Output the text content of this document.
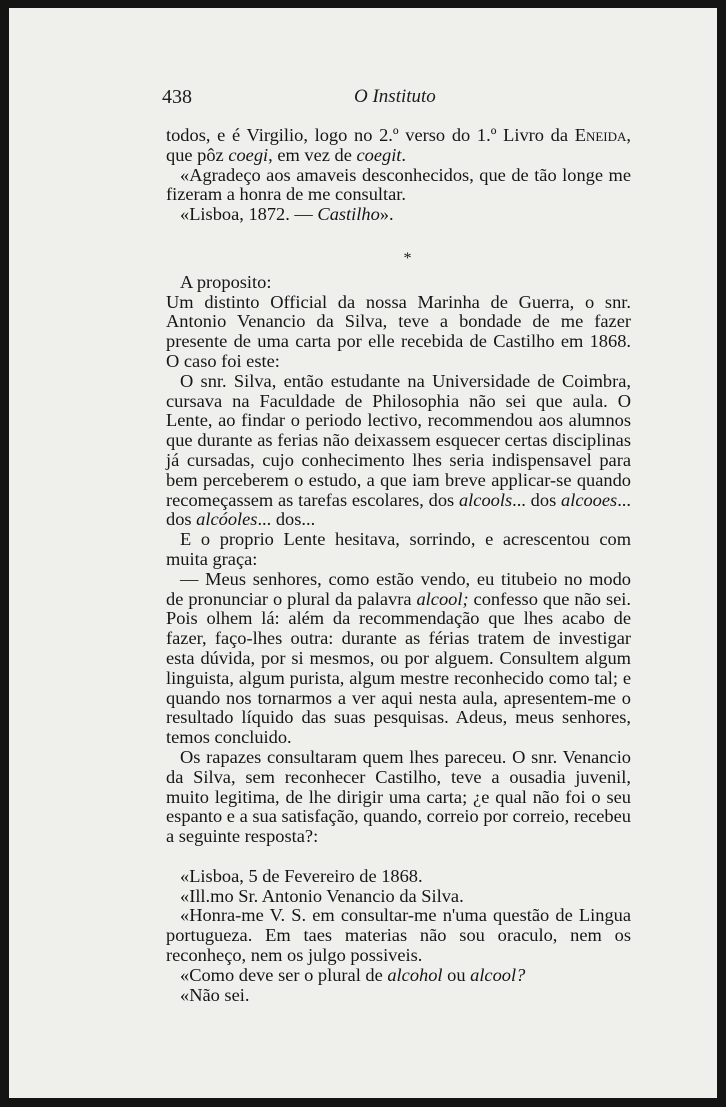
438	O Instituto

todos, e é Virgilio, logo no 2.º verso do 1.º Livro da Eneida, que pôz coegi, em vez de coegit.

«Agradeço aos amaveis desconhecidos, que de tão longe me fizeram a honra de me consultar.

«Lisboa, 1872. — Castilho».

*

A proposito:

Um distinto Official da nossa Marinha de Guerra, o snr. Antonio Venancio da Silva, teve a bondade de me fazer presente de uma carta por elle recebida de Castilho em 1868. O caso foi este:

O snr. Silva, então estudante na Universidade de Coimbra, cursava na Faculdade de Philosophia não sei que aula. O Lente, ao findar o periodo lectivo, recommendou aos alumnos que durante as ferias não deixassem esquecer certas disciplinas já cursadas, cujo conhecimento lhes seria indispensavel para bem perceberem o estudo, a que iam breve applicar-se quando recomeçassem as tarefas escolares, dos alcools... dos alcooes... dos alcóoles... dos...

E o proprio Lente hesitava, sorrindo, e acrescentou com muita graça:

— Meus senhores, como estão vendo, eu titubeio no modo de pronunciar o plural da palavra alcool; confesso que não sei. Pois olhem lá: além da recommendação que lhes acabo de fazer, faço-lhes outra: durante as férias tratem de investigar esta dúvida, por si mesmos, ou por alguem. Consultem algum linguista, algum purista, algum mestre reconhecido como tal; e quando nos tornarmos a ver aqui nesta aula, apresentem-me o resultado líquido das suas pesquisas. Adeus, meus senhores, temos concluido.

Os rapazes consultaram quem lhes pareceu. O snr. Venancio da Silva, sem reconhecer Castilho, teve a ousadia juvenil, muito legitima, de lhe dirigir uma carta; ¿e qual não foi o seu espanto e a sua satisfação, quando, correio por correio, recebeu a seguinte resposta?:

«Lisboa, 5 de Fevereiro de 1868.

«Ill.mo Sr. Antonio Venancio da Silva.

«Honra-me V. S. em consultar-me n'uma questão de Lingua portugueza. Em taes materias não sou oraculo, nem os reconheço, nem os julgo possiveis.

«Como deve ser o plural de alcohol ou alcool?

«Não sei.
